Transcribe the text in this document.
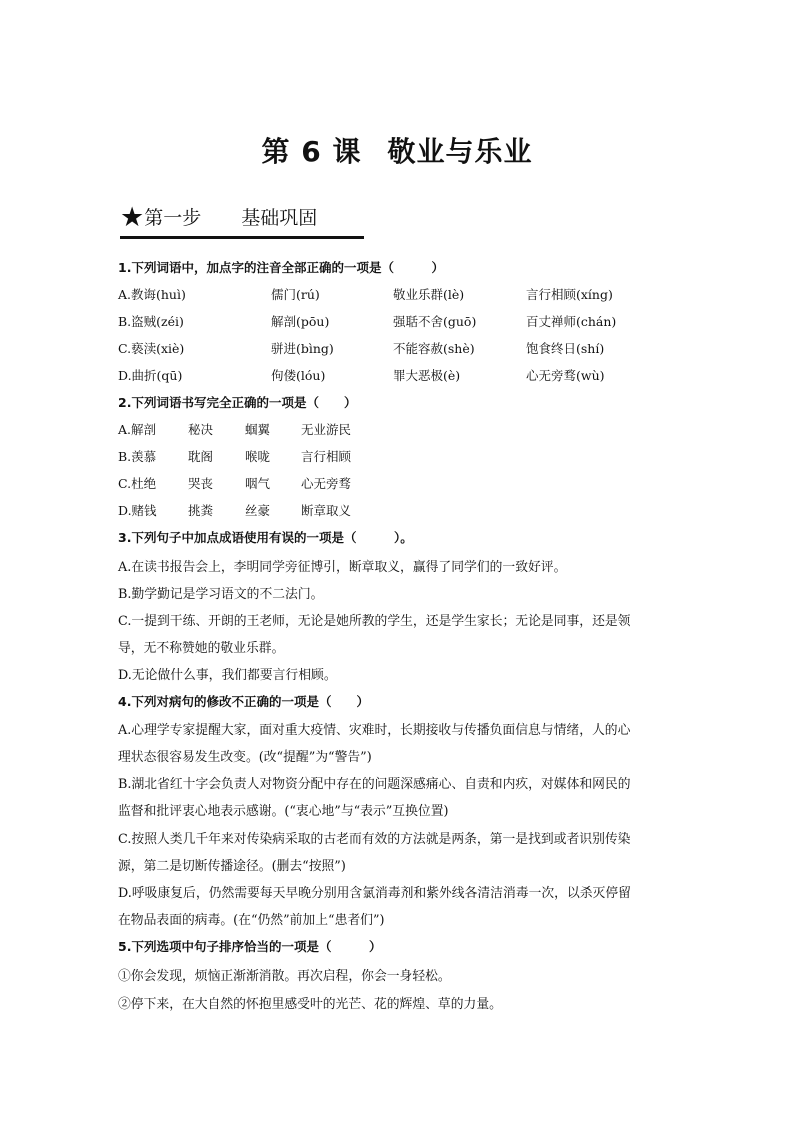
第 6 课 敬业与乐业
★第一步 基础巩固
1.下列词语中，加点字的注音全部正确的一项是（　　　）
A.教诲(huì)	儒门(rú)	敬业乐群(lè)	言行相顾(xíng)
B.盗贼(zéi)	解剖(pōu)	强聒不舍(guō)	百丈禅师(chán)
C.亵渎(xiè)	骈进(bìng)	不能容赦(shè)	饱食终日(shí)
D.曲折(qū)	佝偻(lóu)	罪大恶极(è)	心无旁骛(wù)
2.下列词语书写完全正确的一项是（　　）
A.解剖	秘决	蝈翼 无业游民
B.羡慕	耽阁	喉咙 言行相顾
C.杜绝	哭丧	咽气 心无旁骛
D.赌钱	挑粪	丝豪 断章取义
3.下列句子中加点成语使用有误的一项是（　　　）。
A.在读书报告会上，李明同学旁征博引，断章取义，赢得了同学们的一致好评。
B.勤学勤记是学习语文的不二法门。
C.一提到干练、开朗的王老师，无论是她所教的学生，还是学生家长；无论是同事，还是领
导，无不称赞她的敬业乐群。
D.无论做什么事，我们都要言行相顾。
4.下列对病句的修改不正确的一项是（　　）
A.心理学专家提醒大家，面对重大疫情、灾难时，长期接收与传播负面信息与情绪，人的心
理状态很容易发生改变。(改“提醒”为“警告”)
B.湖北省红十字会负责人对物资分配中存在的问题深感痛心、自责和内疚，对媒体和网民的
监督和批评衷心地表示感谢。(“衷心地”与“表示”互换位置)
C.按照人类几千年来对传染病采取的古老而有效的方法就是两条，第一是找到或者识别传染
源，第二是切断传播途径。(删去“按照”)
D.呼吸康复后，仍然需要每天早晚分别用含氯消毒剂和紫外线各清洁消毒一次，以杀灭停留
在物品表面的病毒。(在“仍然”前加上“患者们”)
5.下列选项中句子排序恰当的一项是（　　　）
①你会发现，烦恼正渐渐消散。再次启程，你会一身轻松。
②停下来，在大自然的怀抱里感受叶的光芒、花的辉煌、草的力量。
